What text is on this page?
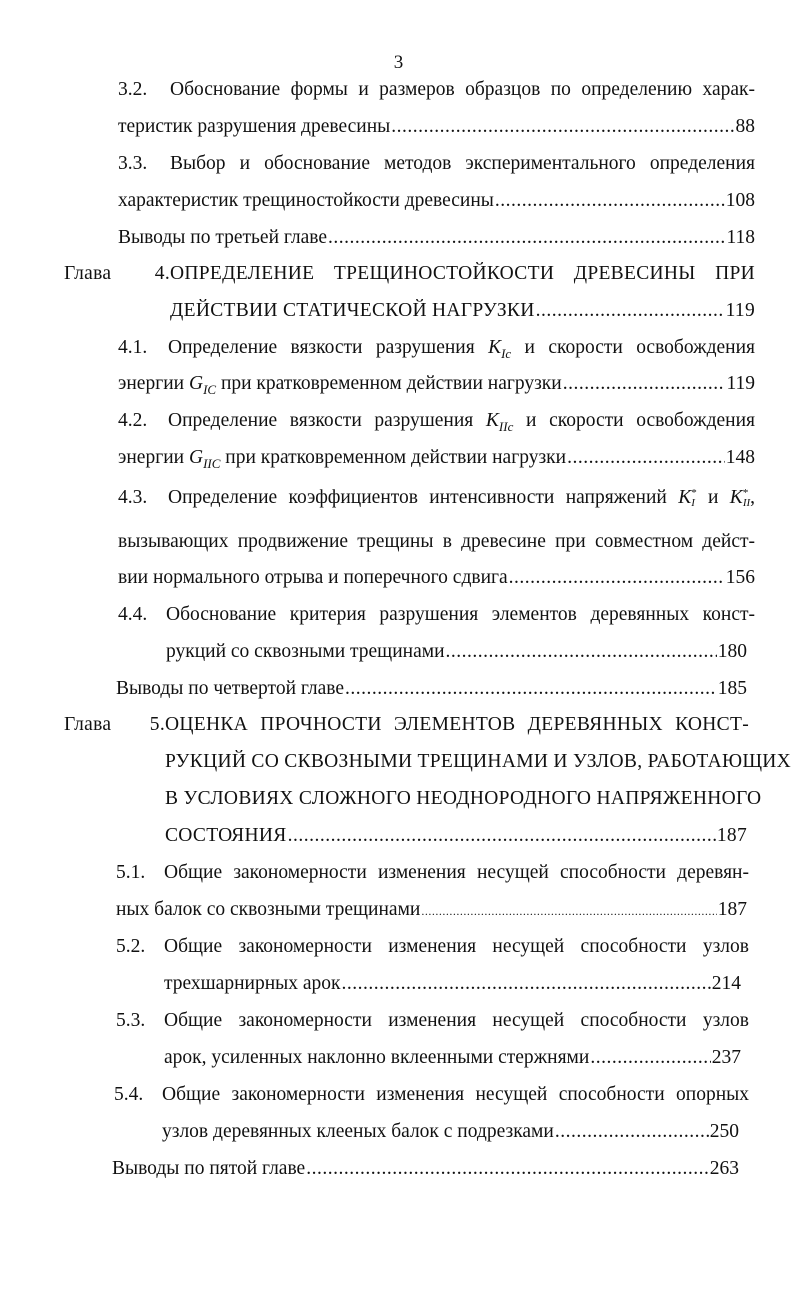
3
3.2. Обоснование формы и размеров образцов по определению харак-
теристик разрушения древесины .....	88
3.3. Выбор и обоснование методов экспериментального определения
характеристик трещиностойкости древесины .....	108
Выводы по третьей главе .....	118
Глава 4.ОПРЕДЕЛЕНИЕ ТРЕЩИНОСТОЙКОСТИ ДРЕВЕСИНЫ ПРИ
ДЕЙСТВИИ СТАТИЧЕСКОЙ НАГРУЗКИ .....	119
4.1. Определение вязкости разрушения $K_{Ic}$ и скорости освобождения
энергии $G_{IC}$ при кратковременном действии нагрузки .....	119
4.2. Определение вязкости разрушения $K_{IIc}$ и скорости освобождения
энергии $G_{IIC}$ при кратковременном действии нагрузки .....	148
4.3. Определение коэффициентов интенсивности напряжений K *
I и K *
II ,
вызывающих продвижение трещины в древесине при совместном дейст-
вии нормального отрыва и поперечного сдвига .....	156
4.4. Обоснование критерия разрушения элементов деревянных конст-
рукций со сквозными трещинами .....	180
Выводы по четвертой главе .....	185
Глава 5.ОЦЕНКА ПРОЧНОСТИ ЭЛЕМЕНТОВ ДЕРЕВЯННЫХ КОНСТ-
РУКЦИЙ СО СКВОЗНЫМИ ТРЕЩИНАМИ И УЗЛОВ, РАБОТАЮЩИХ
В УСЛОВИЯХ СЛОЖНОГО НЕОДНОРОДНОГО НАПРЯЖЕННОГО
СОСТОЯНИЯ .....	187
5.1. Общие закономерности изменения несущей способности деревян-
ных балок со сквозными трещинами .....	187
5.2. Общие закономерности изменения несущей способности узлов
трехшарнирных арок .....	214
5.3. Общие закономерности изменения несущей способности узлов
арок, усиленных наклонно вклеенными стержнями .....	237
5.4. Общие закономерности изменения несущей способности опорных
узлов деревянных клееных балок с подрезками .....	250
Выводы по пятой главе .....	263
